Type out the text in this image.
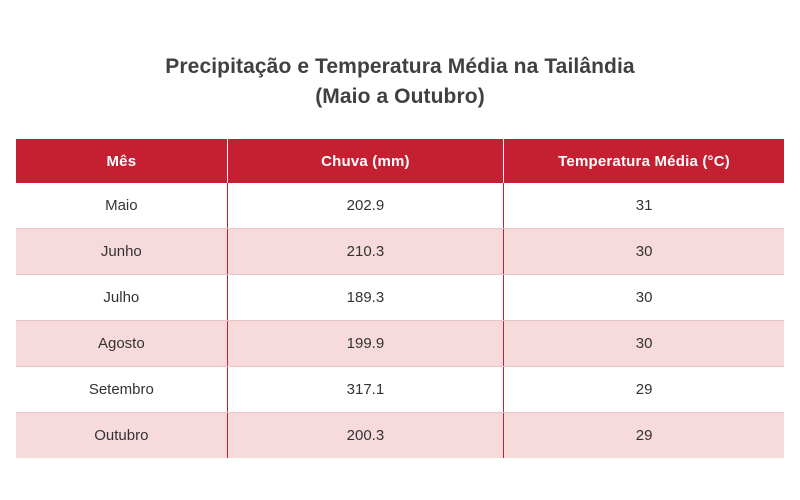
Precipitação e Temperatura Média na Tailândia
(Maio a Outubro)
Mês	Chuva (mm)	Temperatura Média (°C)
Maio	202.9	31
Junho	210.3	30
Julho	189.3	30
Agosto	199.9	30
Setembro	317.1	29
Outubro	200.3	29
